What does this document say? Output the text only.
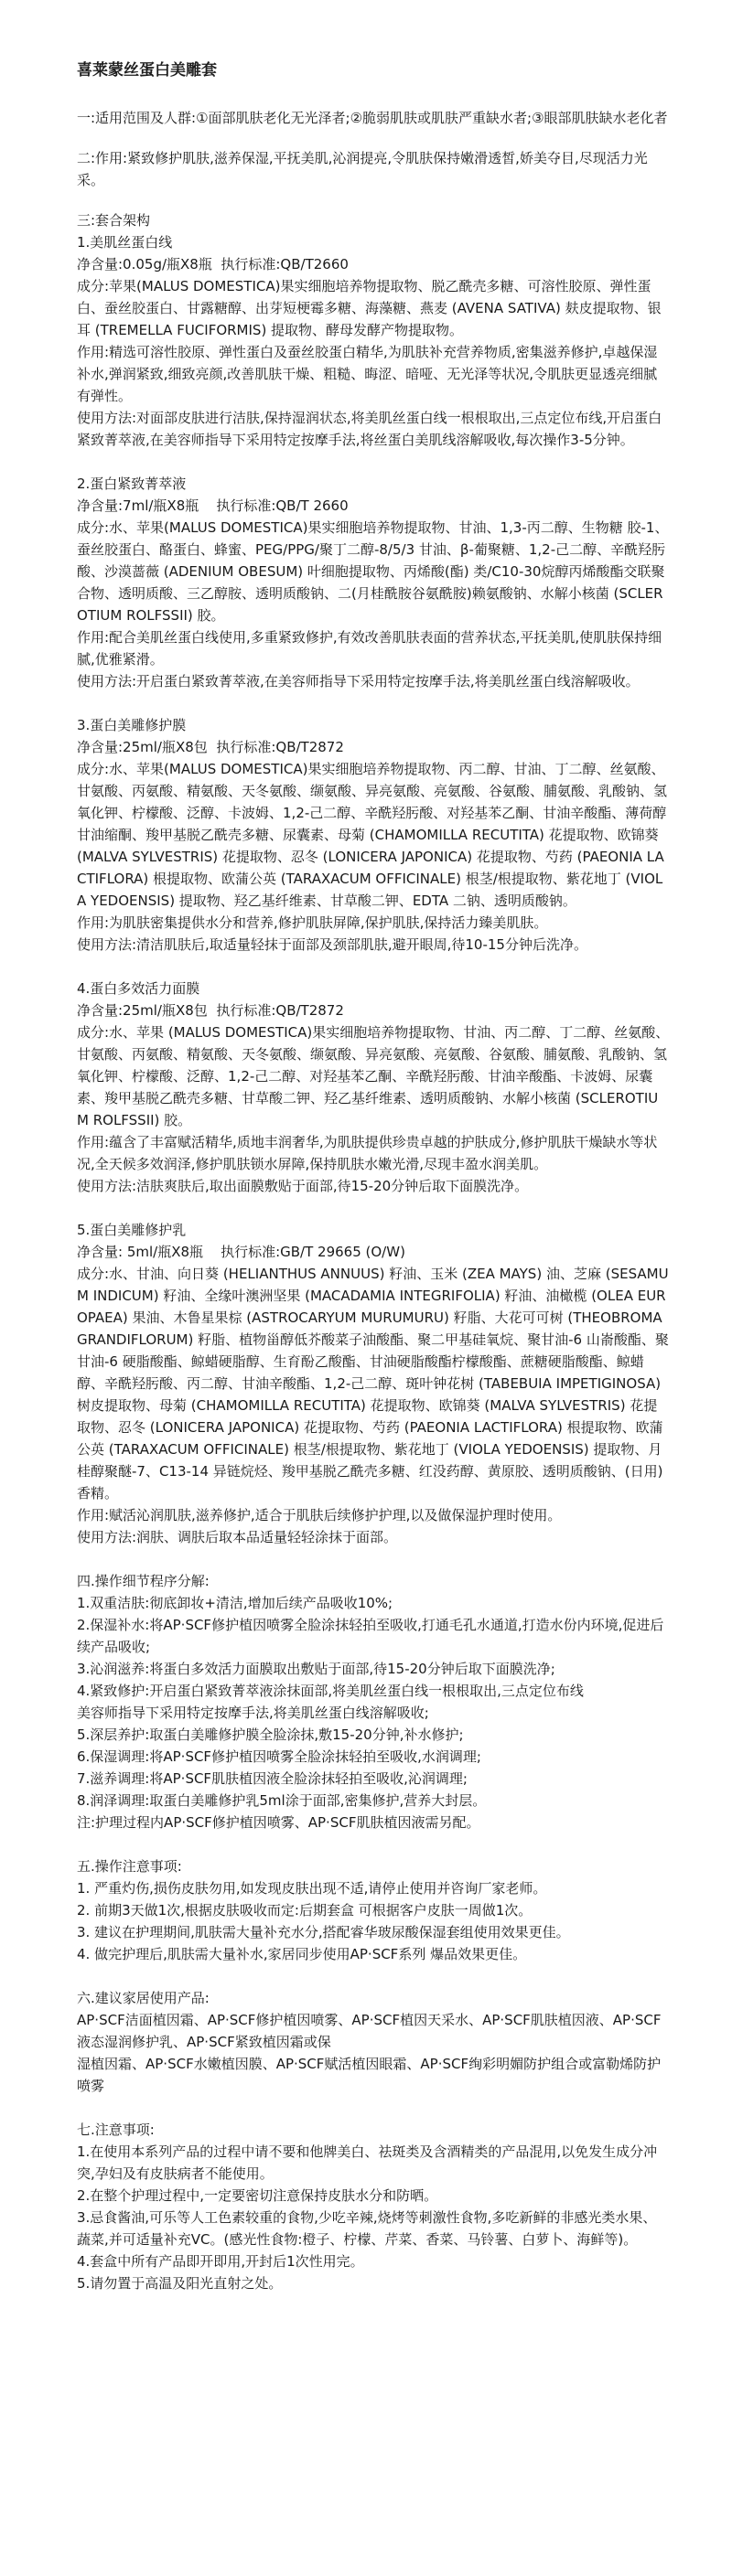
喜莱蒙丝蛋白美雕套

一:适用范围及人群:①面部肌肤老化无光泽者;②脆弱肌肤或肌肤严重缺水者;③眼部肌肤缺水老化者

二:作用:紧致修护肌肤,滋养保湿,平抚美肌,沁润提亮,令肌肤保持嫩滑透皙,娇美夺目,尽现活力光采。

三:套合架构

1.美肌丝蛋白线

净含量:0.05g/瓶X8瓶  执行标准:QB/T2660

成分:苹果(MALUS DOMESTICA)果实细胞培养物提取物、脱乙酰壳多糖、可溶性胶原、弹性蛋白、蚕丝胶蛋白、甘露糖醇、出芽短梗霉多糖、海藻糖、燕麦 (AVENA SATIVA) 麸皮提取物、银耳 (TREMELLA FUCIFORMIS) 提取物、酵母发酵产物提取物。

作用:精选可溶性胶原、弹性蛋白及蚕丝胶蛋白精华,为肌肤补充营养物质,密集滋养修护,卓越保湿补水,弹润紧致,细致亮颜,改善肌肤干燥、粗糙、晦涩、暗哑、无光泽等状况,令肌肤更显透亮细腻有弹性。

使用方法:对面部皮肤进行洁肤,保持湿润状态,将美肌丝蛋白线一根根取出,三点定位布线,开启蛋白紧致菁萃液,在美容师指导下采用特定按摩手法,将丝蛋白美肌线溶解吸收,每次操作3-5分钟。

2.蛋白紧致菁萃液

净含量:7ml/瓶X8瓶    执行标准:QB/T 2660

成分:水、苹果(MALUS DOMESTICA)果实细胞培养物提取物、甘油、1,3-丙二醇、生物糖 胶-1、蚕丝胶蛋白、酪蛋白、蜂蜜、PEG/PPG/聚丁二醇-8/5/3 甘油、β-葡聚糖、1,2-己二醇、辛酰羟肟酸、沙漠蔷薇 (ADENIUM OBESUM) 叶细胞提取物、丙烯酸(酯) 类/C10-30烷醇丙烯酸酯交联聚合物、透明质酸、三乙醇胺、透明质酸钠、二(月桂酰胺谷氨酰胺)赖氨酸钠、水解小核菌 (SCLEROTIUM ROLFSSII) 胶。

作用:配合美肌丝蛋白线使用,多重紧致修护,有效改善肌肤表面的营养状态,平抚美肌,使肌肤保持细腻,优雅紧滑。

使用方法:开启蛋白紧致菁萃液,在美容师指导下采用特定按摩手法,将美肌丝蛋白线溶解吸收。

3.蛋白美雕修护膜

净含量:25ml/瓶X8包  执行标准:QB/T2872

成分:水、苹果(MALUS DOMESTICA)果实细胞培养物提取物、丙二醇、甘油、丁二醇、丝氨酸、甘氨酸、丙氨酸、精氨酸、天冬氨酸、缬氨酸、异亮氨酸、亮氨酸、谷氨酸、脯氨酸、乳酸钠、氢氧化钾、柠檬酸、泛醇、卡波姆、1,2-己二醇、辛酰羟肟酸、对羟基苯乙酮、甘油辛酸酯、薄荷醇甘油缩酮、羧甲基脱乙酰壳多糖、尿囊素、母菊 (CHAMOMILLA RECUTITA) 花提取物、欧锦葵 (MALVA SYLVESTRIS) 花提取物、忍冬 (LONICERA JAPONICA) 花提取物、芍药 (PAEONIA LACTIFLORA) 根提取物、欧蒲公英 (TARAXACUM OFFICINALE) 根茎/根提取物、紫花地丁 (VIOLA YEDOENSIS) 提取物、羟乙基纤维素、甘草酸二钾、EDTA 二钠、透明质酸钠。

作用:为肌肤密集提供水分和营养,修护肌肤屏障,保护肌肤,保持活力臻美肌肤。

使用方法:清洁肌肤后,取适量轻抹于面部及颈部肌肤,避开眼周,待10-15分钟后洗净。

4.蛋白多效活力面膜

净含量:25ml/瓶X8包  执行标准:QB/T2872

成分:水、苹果 (MALUS DOMESTICA)果实细胞培养物提取物、甘油、丙二醇、丁二醇、丝氨酸、甘氨酸、丙氨酸、精氨酸、天冬氨酸、缬氨酸、异亮氨酸、亮氨酸、谷氨酸、脯氨酸、乳酸钠、氢氧化钾、柠檬酸、泛醇、1,2-己二醇、对羟基苯乙酮、辛酰羟肟酸、甘油辛酸酯、卡波姆、尿囊素、羧甲基脱乙酰壳多糖、甘草酸二钾、羟乙基纤维素、透明质酸钠、水解小核菌 (SCLEROTIUM ROLFSSII) 胶。

作用:蕴含了丰富赋活精华,质地丰润奢华,为肌肤提供珍贵卓越的护肤成分,修护肌肤干燥缺水等状况,全天候多效润泽,修护肌肤锁水屏障,保持肌肤水嫩光滑,尽现丰盈水润美肌。

使用方法:洁肤爽肤后,取出面膜敷贴于面部,待15-20分钟后取下面膜洗净。

5.蛋白美雕修护乳

净含量: 5ml/瓶X8瓶    执行标准:GB/T 29665 (O/W)

成分:水、甘油、向日葵 (HELIANTHUS ANNUUS) 籽油、玉米 (ZEA MAYS) 油、芝麻 (SESAMUM INDICUM) 籽油、全缘叶澳洲坚果 (MACADAMIA INTEGRIFOLIA) 籽油、油橄榄 (OLEA EUROPAEA) 果油、木鲁星果棕 (ASTROCARYUM MURUMURU) 籽脂、大花可可树 (THEOBROMA GRANDIFLORUM) 籽脂、植物甾醇低芥酸菜子油酸酯、聚二甲基硅氧烷、聚甘油-6 山嵛酸酯、聚甘油-6 硬脂酸酯、鲸蜡硬脂醇、生育酚乙酸酯、甘油硬脂酸酯柠檬酸酯、蔗糖硬脂酸酯、鲸蜡醇、辛酰羟肟酸、丙二醇、甘油辛酸酯、1,2-己二醇、斑叶钟花树 (TABEBUIA IMPETIGINOSA) 树皮提取物、母菊 (CHAMOMILLA RECUTITA) 花提取物、欧锦葵 (MALVA SYLVESTRIS) 花提取物、忍冬 (LONICERA JAPONICA) 花提取物、芍药 (PAEONIA LACTIFLORA) 根提取物、欧蒲公英 (TARAXACUM OFFICINALE) 根茎/根提取物、紫花地丁 (VIOLA YEDOENSIS) 提取物、月桂醇聚醚-7、C13-14 异链烷烃、羧甲基脱乙酰壳多糖、红没药醇、黄原胶、透明质酸钠、(日用) 香精。

作用:赋活沁润肌肤,滋养修护,适合于肌肤后续修护护理,以及做保湿护理时使用。

使用方法:润肤、调肤后取本品适量轻轻涂抹于面部。

四.操作细节程序分解:

1.双重洁肤:彻底卸妆+清洁,增加后续产品吸收10%;

2.保湿补水:将AP·SCF修护植因喷雾全脸涂抹轻拍至吸收,打通毛孔水通道,打造水份内环境,促进后续产品吸收;

3.沁润滋养:将蛋白多效活力面膜取出敷贴于面部,待15-20分钟后取下面膜洗净;

4.紧致修护:开启蛋白紧致菁萃液涂抹面部,将美肌丝蛋白线一根根取出,三点定位布线

美容师指导下采用特定按摩手法,将美肌丝蛋白线溶解吸收;

5.深层养护:取蛋白美雕修护膜全脸涂抹,敷15-20分钟,补水修护;

6.保湿调理:将AP·SCF修护植因喷雾全脸涂抹轻拍至吸收,水润调理;

7.滋养调理:将AP·SCF肌肤植因液全脸涂抹轻拍至吸收,沁润调理;

8.润泽调理:取蛋白美雕修护乳5ml涂于面部,密集修护,营养大封层。

注:护理过程内AP·SCF修护植因喷雾、AP·SCF肌肤植因液需另配。

五.操作注意事项:

1. 严重灼伤,损伤皮肤勿用,如发现皮肤出现不适,请停止使用并咨询厂家老师。

2. 前期3天做1次,根据皮肤吸收而定:后期套盒 可根据客户皮肤一周做1次。

3. 建议在护理期间,肌肤需大量补充水分,搭配睿华玻尿酸保湿套组使用效果更佳。

4. 做完护理后,肌肤需大量补水,家居同步使用AP·SCF系列 爆品效果更佳。

六.建议家居使用产品:

AP·SCF洁面植因霜、AP·SCF修护植因喷雾、AP·SCF植因天采水、AP·SCF肌肤植因液、AP·SCF液态湿润修护乳、AP·SCF紧致植因霜或保

湿植因霜、AP·SCF水嫩植因膜、AP·SCF赋活植因眼霜、AP·SCF绚彩明媚防护组合或富勒烯防护喷雾

七.注意事项:

1.在使用本系列产品的过程中请不要和他牌美白、祛斑类及含酒精类的产品混用,以免发生成分冲突,孕妇及有皮肤病者不能使用。

2.在整个护理过程中,一定要密切注意保持皮肤水分和防晒。

3.忌食酱油,可乐等人工色素较重的食物,少吃辛辣,烧烤等刺激性食物,多吃新鲜的非感光类水果、蔬菜,并可适量补充VC。(感光性食物:橙子、柠檬、芹菜、香菜、马铃薯、白萝卜、海鲜等)。

4.套盒中所有产品即开即用,开封后1次性用完。

5.请勿置于高温及阳光直射之处。
